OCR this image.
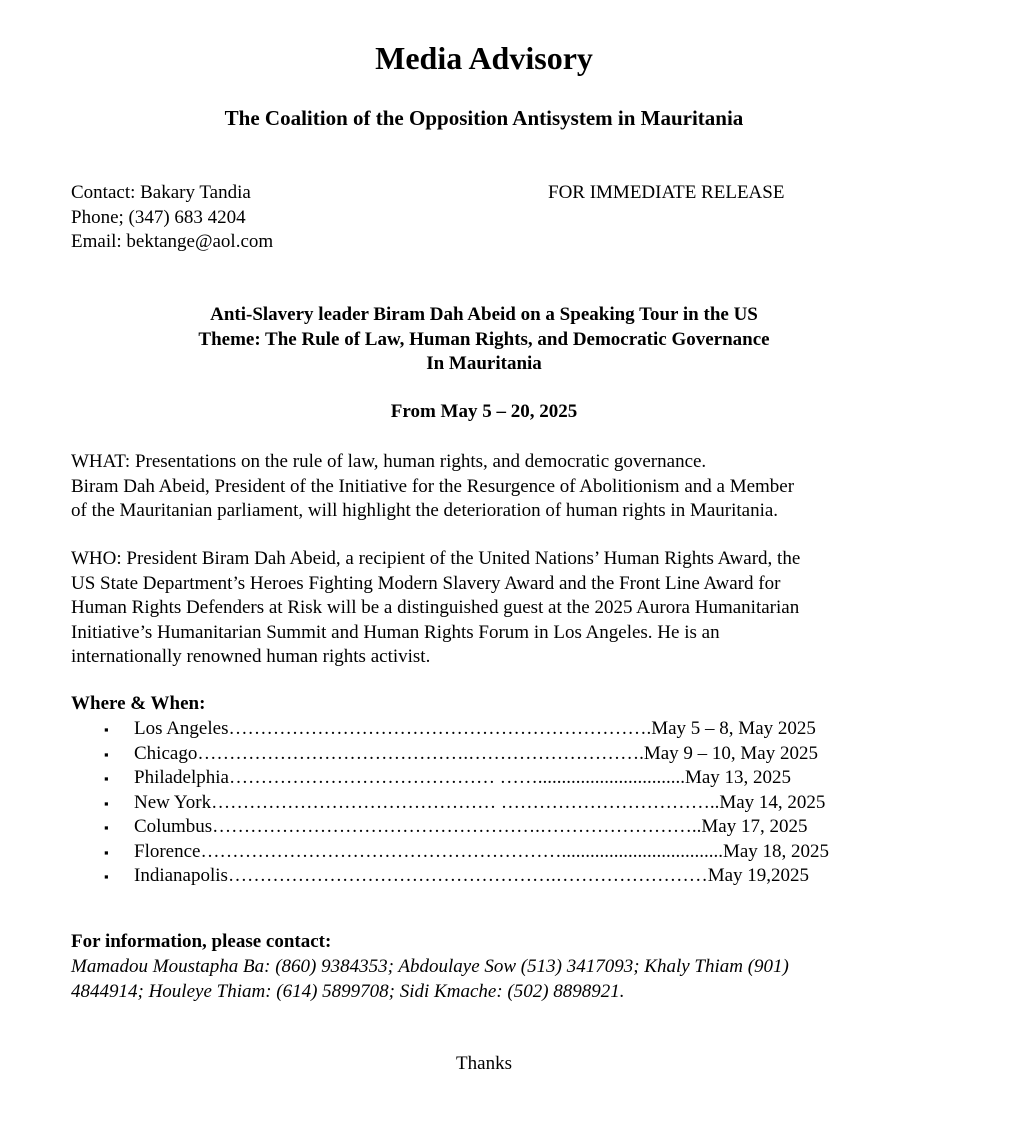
Media Advisory
The Coalition of the Opposition Antisystem in Mauritania
Contact: Bakary Tandia
Phone; (347) 683 4204
Email: bektange@aol.com
FOR IMMEDIATE RELEASE
Anti-Slavery leader Biram Dah Abeid on a Speaking Tour in the US
Theme: The Rule of Law, Human Rights, and Democratic Governance
In Mauritania
From May 5 – 20, 2025
WHAT: Presentations on the rule of law, human rights, and democratic governance.
Biram Dah Abeid, President of the Initiative for the Resurgence of Abolitionism and a Member
of the Mauritanian parliament, will highlight the deterioration of human rights in Mauritania.
WHO: President Biram Dah Abeid, a recipient of the United Nations’ Human Rights Award, the
US State Department’s Heroes Fighting Modern Slavery Award and the Front Line Award for
Human Rights Defenders at Risk will be a distinguished guest at the 2025 Aurora Humanitarian
Initiative’s Humanitarian Summit and Human Rights Forum in Los Angeles. He is an
internationally renowned human rights activist.
Where & When:
▪	Los Angeles …………………………………………………………. May 5 – 8, May 2025
▪	Chicago …………………………………….………………………. May 9 – 10, May 2025
▪	Philadelphia …………………………………… ……............................... May 13, 2025
▪	New York ……………………………………… …………………………….. May 14, 2025
▪	Columbus …………………………………………….…………………….. May 17, 2025
▪	Florence ………………………………………………….................................. May 18, 2025
▪	Indianapolis …………………………………………….…………………… May 19,2025
For information, please contact:
Mamadou Moustapha Ba: (860) 9384353; Abdoulaye Sow (513) 3417093; Khaly Thiam (901)
4844914; Houleye Thiam: (614) 5899708; Sidi Kmache: (502) 8898921.
Thanks
